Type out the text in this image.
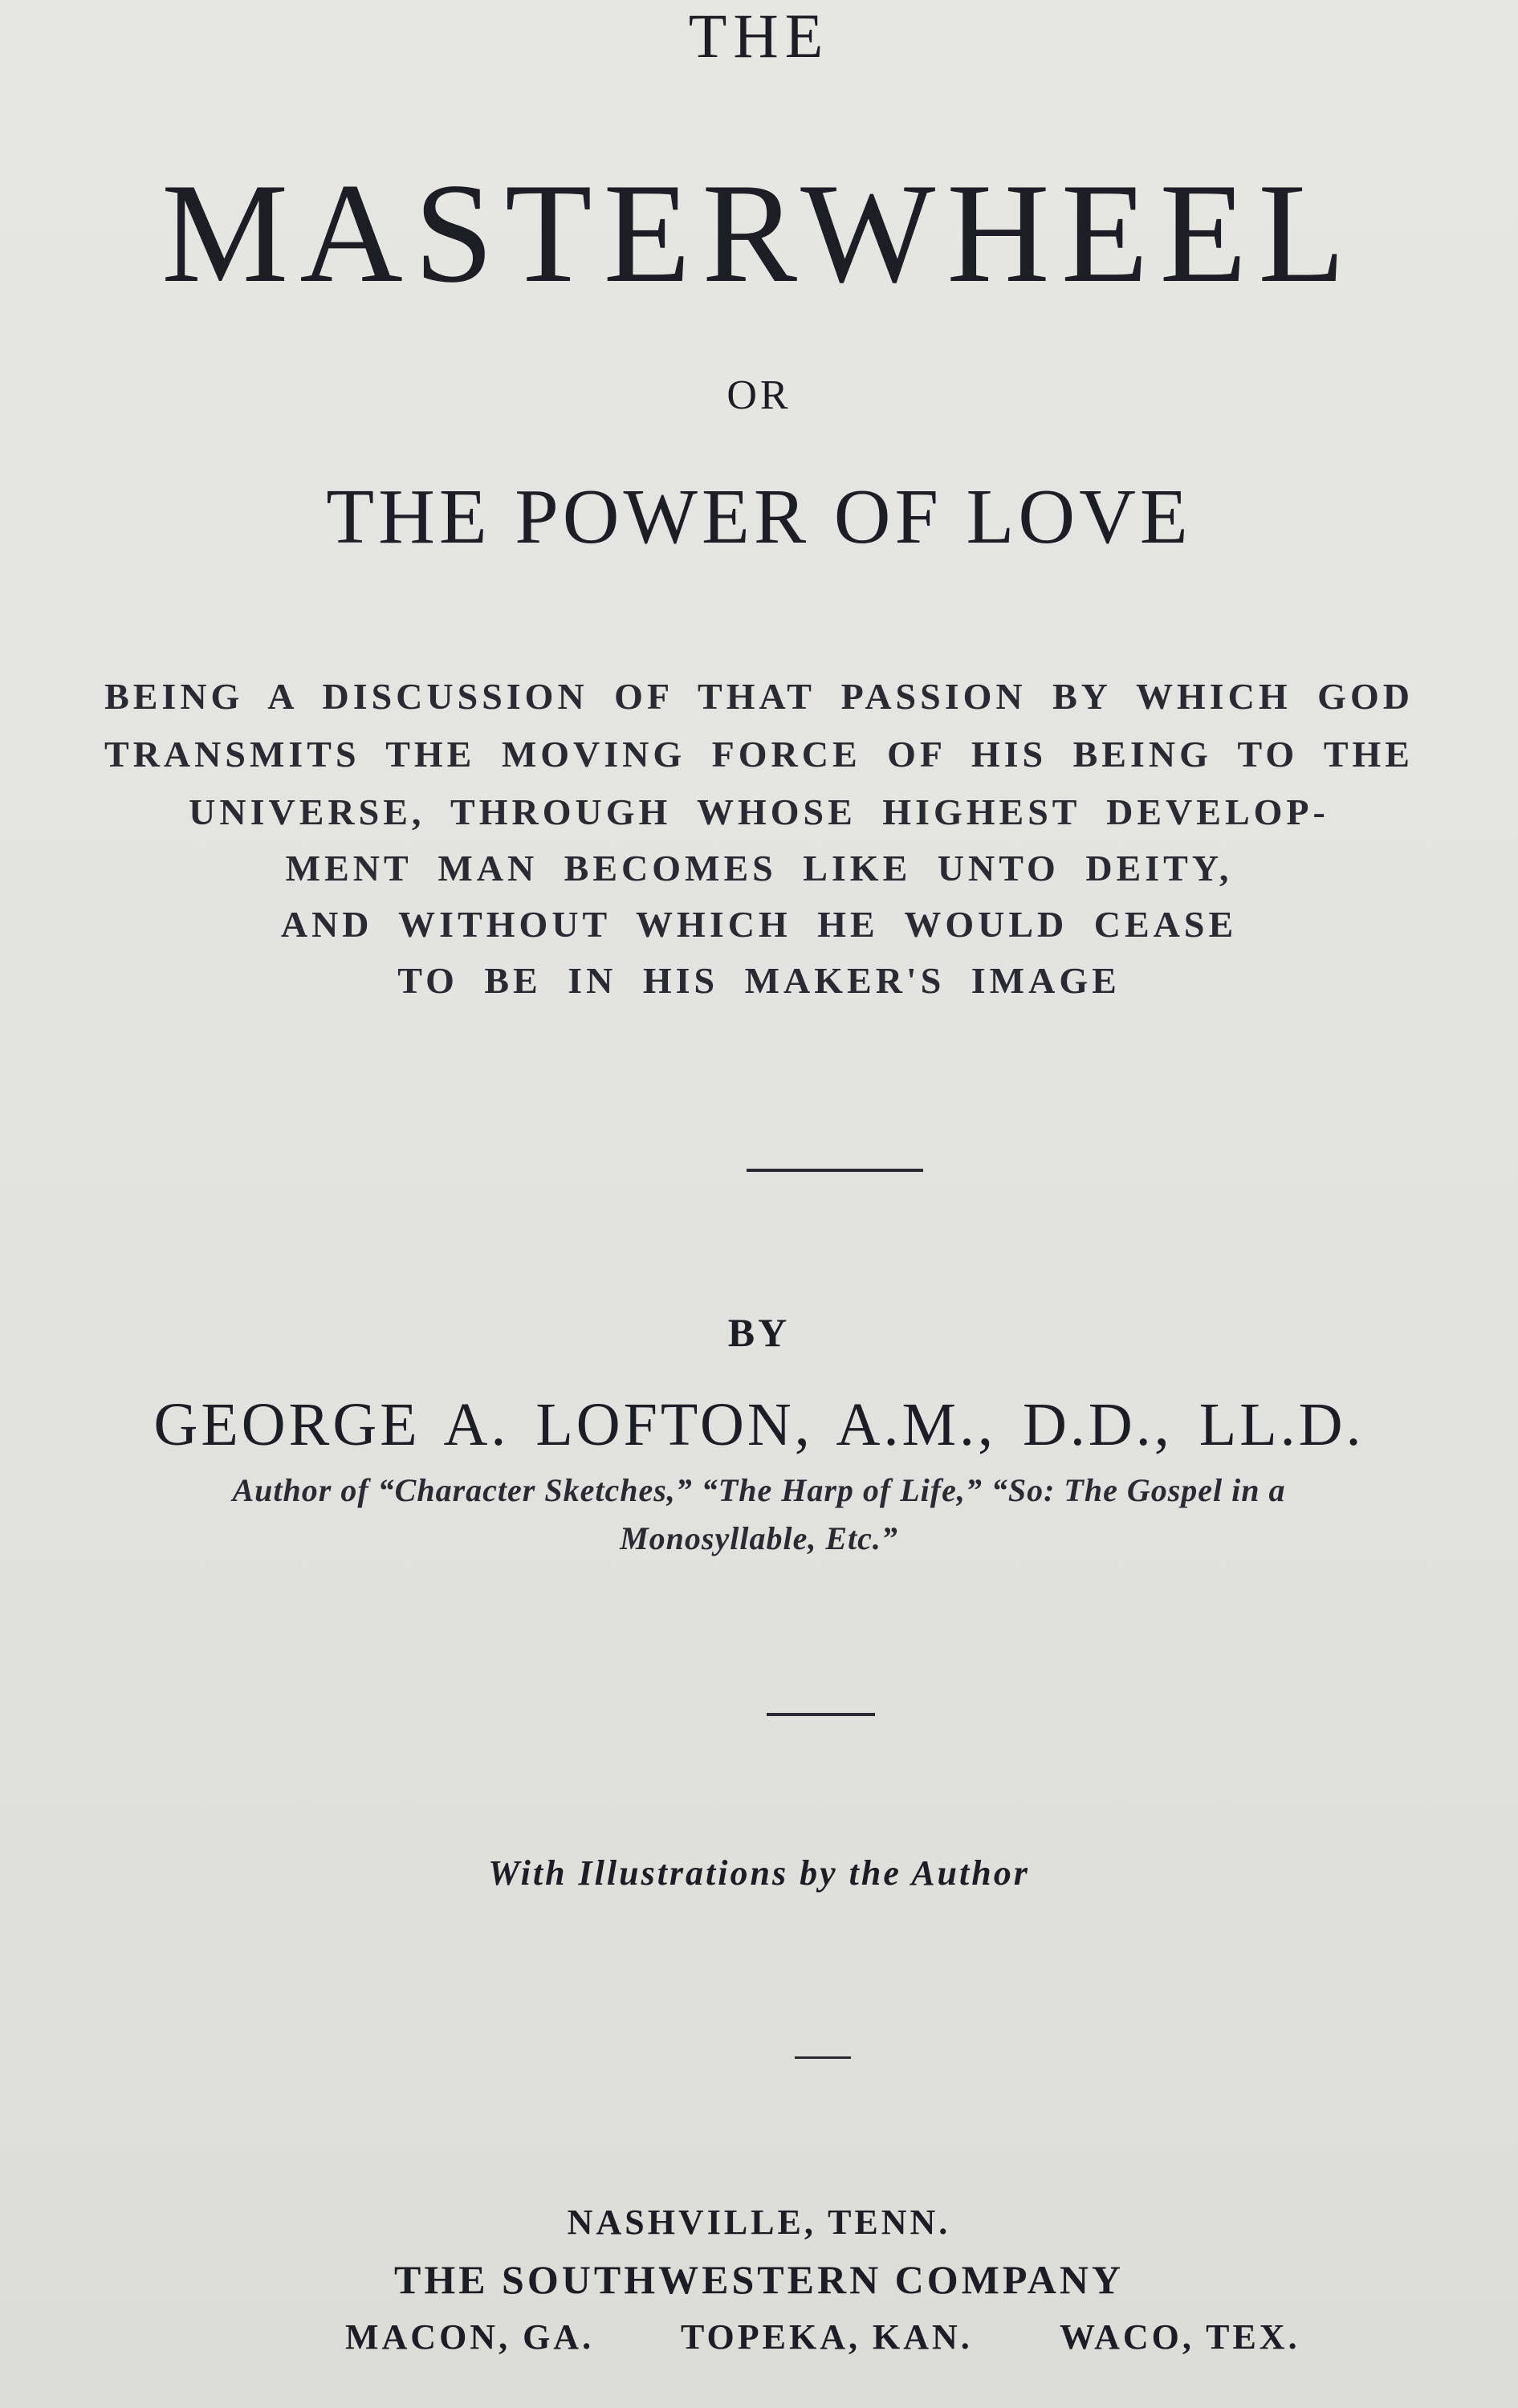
THE
MASTERWHEEL
OR
THE POWER OF LOVE
BEING A DISCUSSION OF THAT PASSION BY WHICH GOD
TRANSMITS THE MOVING FORCE OF HIS BEING TO THE
UNIVERSE, THROUGH WHOSE HIGHEST DEVELOP-
MENT MAN BECOMES LIKE UNTO DEITY,
AND WITHOUT WHICH HE WOULD CEASE
TO BE IN HIS MAKER'S IMAGE
BY
GEORGE A. LOFTON, A.M., D.D., LL.D.
Author of “Character Sketches,” “The Harp of Life,” “So: The Gospel in a
Monosyllable, Etc.”
With Illustrations by the Author
NASHVILLE, TENN.
THE SOUTHWESTERN COMPANY
MACON, GA. TOPEKA, KAN. WACO, TEX.
